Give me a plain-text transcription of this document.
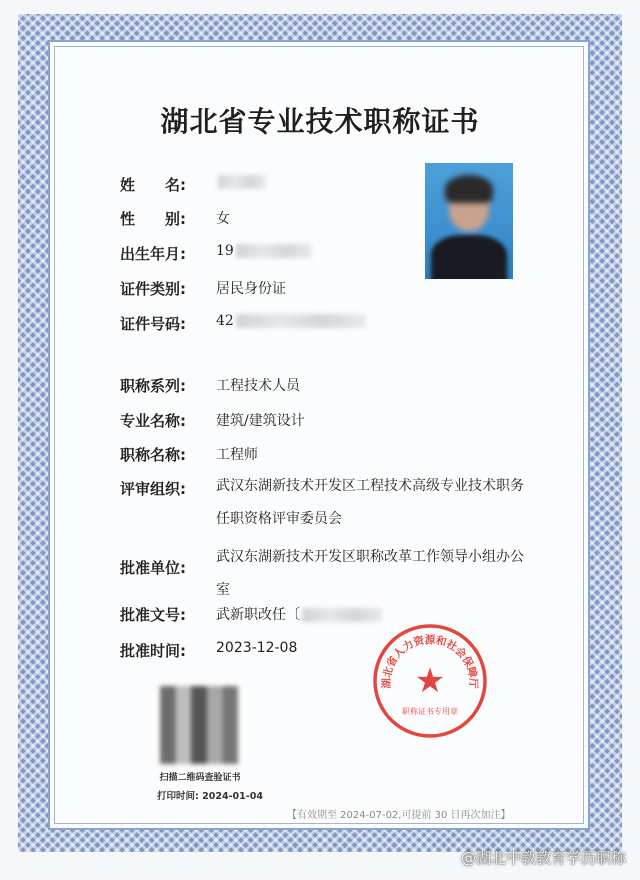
湖北省专业技术职称证书
姓　　名:
性　　别:	女
出生年月:	19
证件类别:	居民身份证
证件号码:	42
职称系列:	工程技术人员
专业名称:	建筑/建筑设计
职称名称:	工程师
评审组织:	武汉东湖新技术开发区工程技术高级专业技术职务任职资格评审委员会
批准单位:
武汉东湖新技术开发区职称改革工作领导小组办公室
批准文号:	武新职改任〔
批准时间:	2023-12-08
湖北省人力资源和社会保障厅
★
职称证书专用章
扫描二维码查验证书
打印时间: 2024-01-04
【有效期至 2024-07-02,可提前 30 日再次加注】
@湖北中教教育学历职称
